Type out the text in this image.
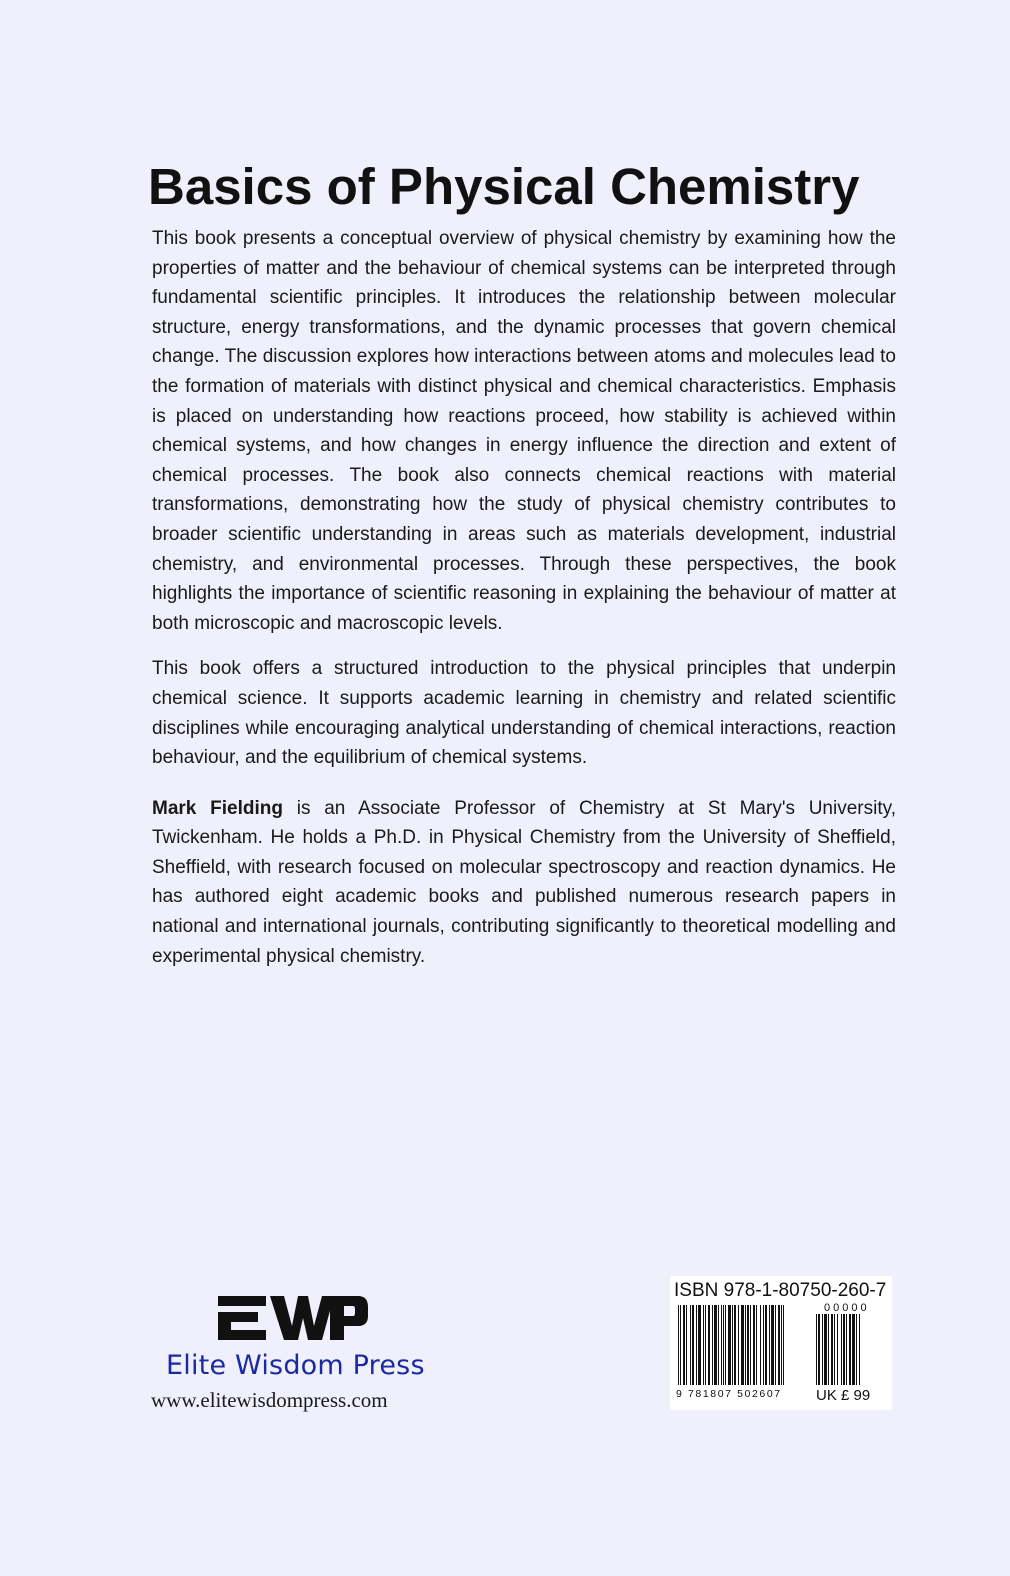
Basics of Physical Chemistry

This book presents a conceptual overview of physical chemistry by examining how the properties of matter and the behaviour of chemical systems can be interpreted through fundamental scientific principles. It introduces the relationship between molecular structure, energy transformations, and the dynamic processes that govern chemical change. The discussion explores how interactions between atoms and molecules lead to the formation of materials with distinct physical and chemical characteristics. Emphasis is placed on understanding how reactions proceed, how stability is achieved within chemical systems, and how changes in energy influence the direction and extent of chemical processes. The book also connects chemical reactions with material transformations, demonstrating how the study of physical chemistry contributes to broader scientific understanding in areas such as materials development, industrial chemistry, and environmental processes. Through these perspectives, the book highlights the importance of scientific reasoning in explaining the behaviour of matter at both microscopic and macroscopic levels.

This book offers a structured introduction to the physical principles that underpin chemical science. It supports academic learning in chemistry and related scientific disciplines while encouraging analytical understanding of chemical interactions, reaction behaviour, and the equilibrium of chemical systems.

Mark Fielding is an Associate Professor of Chemistry at St Mary's University, Twickenham. He holds a Ph.D. in Physical Chemistry from the University of Sheffield, Sheffield, with research focused on molecular spectroscopy and reaction dynamics. He has authored eight academic books and published numerous research papers in national and international journals, contributing significantly to theoretical modelling and experimental physical chemistry.

Elite Wisdom Press
www.elitewisdompress.com
ISBN 978-1-80750-260-7
00000
9 781807 502607 UK £ 99
